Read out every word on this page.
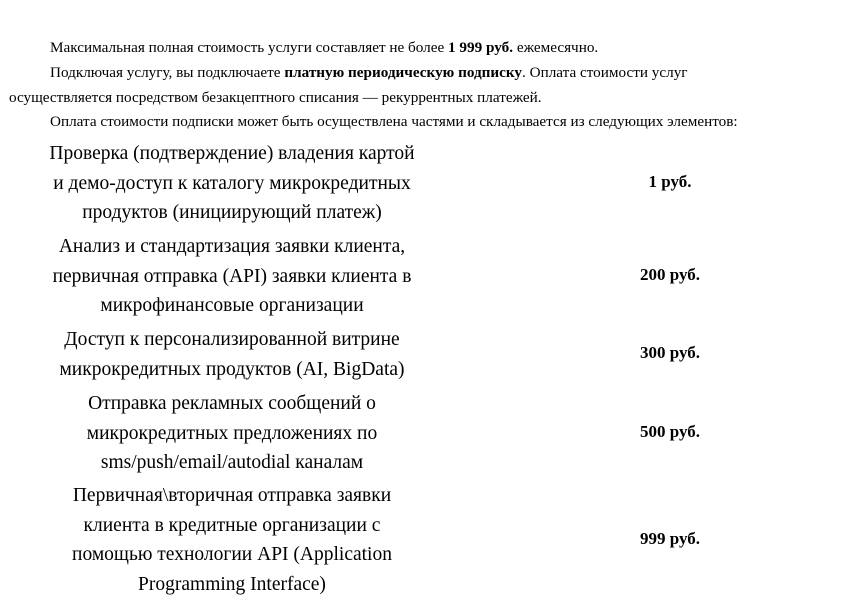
Максимальная полная стоимость услуги составляет не более 1 999 руб. ежемесячно.
Подключая услугу, вы подключаете платную периодическую подписку. Оплата стоимости услуг
осуществляется посредством безакцептного списания — рекуррентных платежей.
Оплата стоимости подписки может быть осуществлена частями и складывается из следующих элементов:
Проверка (подтверждение) владения картой
и демо-доступ к каталогу микрокредитных
продуктов (инициирующий платеж)
1 руб.
Анализ и стандартизация заявки клиента,
первичная отправка (API) заявки клиента в
микрофинансовые организации
200 руб.
Доступ к персонализированной витрине
микрокредитных продуктов (AI, BigData)
300 руб.
Отправка рекламных сообщений о
микрокредитных предложениях по
sms/push/email/autodial каналам
500 руб.
Первичная\вторичная отправка заявки
клиента в кредитные организации с
помощью технологии API (Application
Programming Interface)
999 руб.
